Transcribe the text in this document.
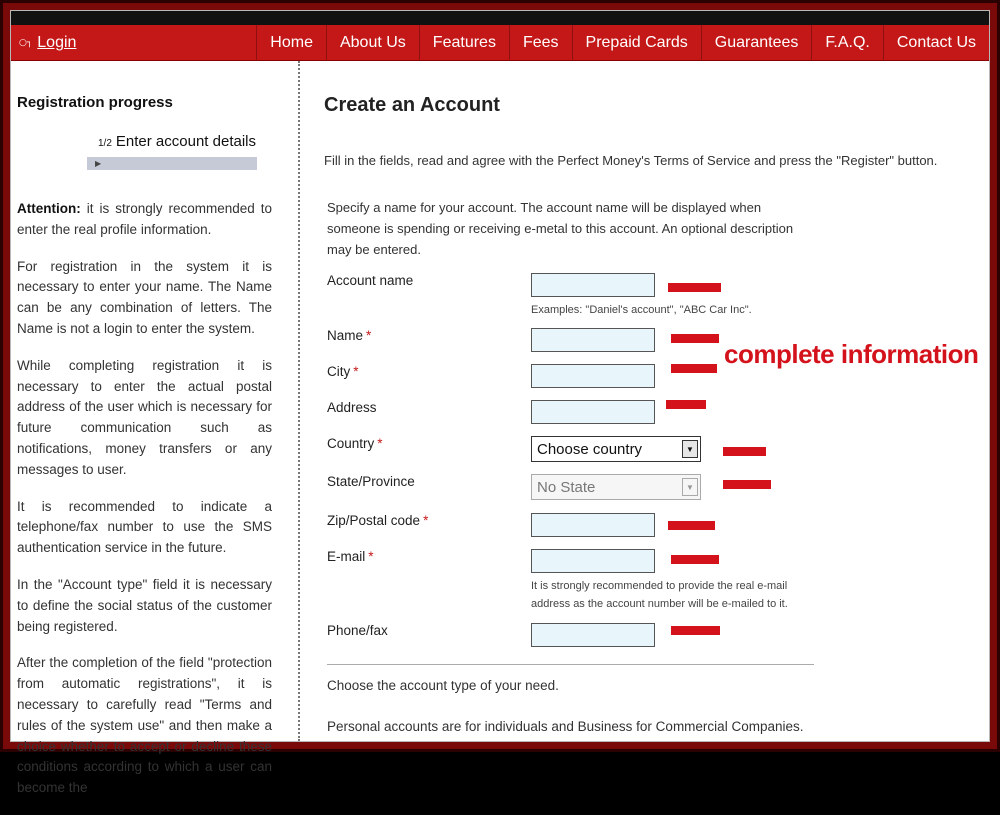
○┐ Login	Home	About Us	Features	Fees	Prepaid Cards	Guarantees	F.A.Q.	Contact Us
Registration progress
1/2 Enter account details
▶

Attention: it is strongly recommended to enter the real profile information.

For registration in the system it is necessary to enter your name. The Name can be any combination of letters. The Name is not a login to enter the system.

While completing registration it is necessary to enter the actual postal address of the user which is necessary for future communication such as notifications, money transfers or any messages to user.

It is recommended to indicate a telephone/fax number to use the SMS authentication service in the future.

In the "Account type" field it is necessary to define the social status of the customer being registered.

After the completion of the field "protection from automatic registrations", it is necessary to carefully read "Terms and rules of the system use" and then make a choice whether to accept or decline these conditions according to which a user can become the

Create an Account
Fill in the fields, read and agree with the Perfect Money's Terms of Service and press the "Register" button.
Specify a name for your account. The account name will be displayed when someone is spending or receiving e-metal to this account. An optional description may be entered.
Account name
Examples: "Daniel's account", "ABC Car Inc".
Name *
City *
Address
Country *	Choose country	▼
State/Province	No State	▼
Zip/Postal code *
E-mail *
It is strongly recommended to provide the real e-mail
address as the account number will be e-mailed to it.
Phone/fax
complete information
Choose the account type of your need.
Personal accounts are for individuals and Business for Commercial Companies.
